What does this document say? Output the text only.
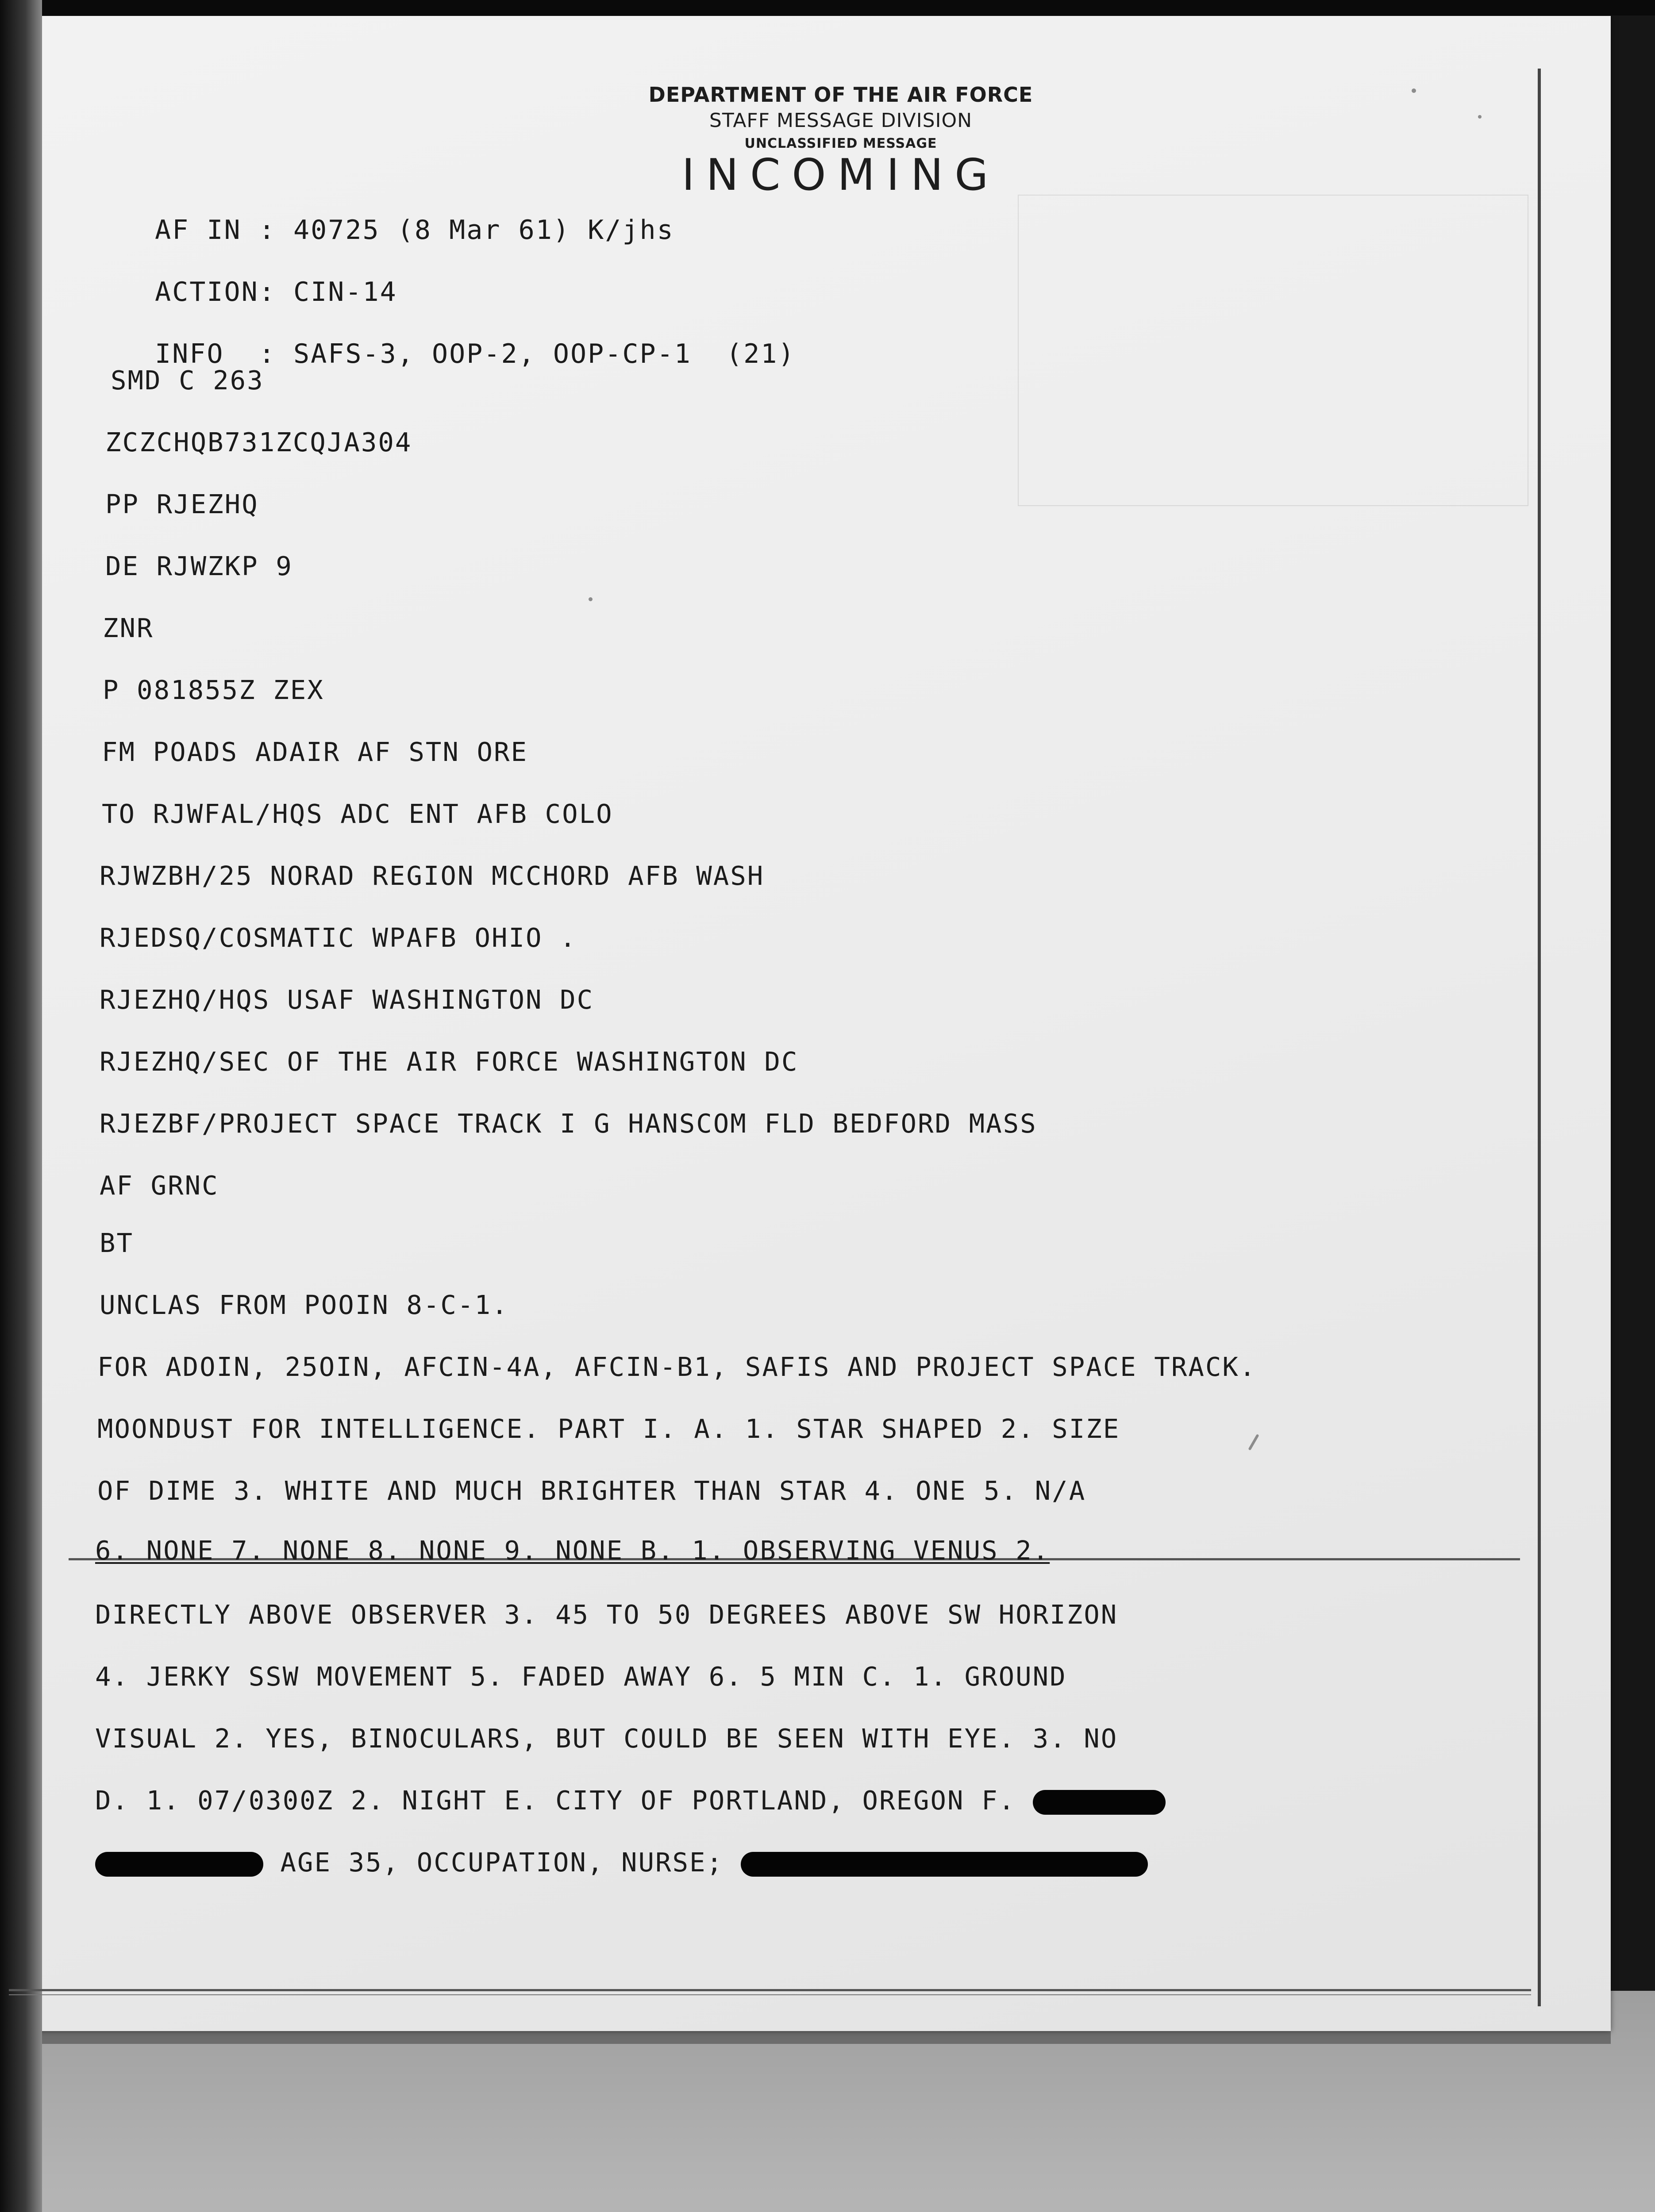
DEPARTMENT OF THE AIR FORCE
STAFF MESSAGE DIVISION
UNCLASSIFIED MESSAGE
INCOMING
AF IN : 40725 (8 Mar 61) K/jhs
ACTION: CIN-14
INFO  : SAFS-3, OOP-2, OOP-CP-1  (21)
SMD C 263
ZCZCHQB731ZCQJA304
PP RJEZHQ
DE RJWZKP 9
ZNR
P 081855Z ZEX
FM POADS ADAIR AF STN ORE
TO RJWFAL/HQS ADC ENT AFB COLO
RJWZBH/25 NORAD REGION MCCHORD AFB WASH
RJEDSQ/COSMATIC WPAFB OHIO .
RJEZHQ/HQS USAF WASHINGTON DC
RJEZHQ/SEC OF THE AIR FORCE WASHINGTON DC
RJEZBF/PROJECT SPACE TRACK I G HANSCOM FLD BEDFORD MASS
AF GRNC
BT
UNCLAS FROM POOIN 8-C-1.
FOR ADOIN, 25OIN, AFCIN-4A, AFCIN-B1, SAFIS AND PROJECT SPACE TRACK.
MOONDUST FOR INTELLIGENCE. PART I. A. 1. STAR SHAPED 2. SIZE
OF DIME 3. WHITE AND MUCH BRIGHTER THAN STAR 4. ONE 5. N/A
6. NONE 7. NONE 8. NONE 9. NONE B. 1. OBSERVING VENUS 2.
DIRECTLY ABOVE OBSERVER 3. 45 TO 50 DEGREES ABOVE SW HORIZON
4. JERKY SSW MOVEMENT 5. FADED AWAY 6. 5 MIN C. 1. GROUND
VISUAL 2. YES, BINOCULARS, BUT COULD BE SEEN WITH EYE. 3. NO
D. 1. 07/0300Z 2. NIGHT E. CITY OF PORTLAND, OREGON F.
AGE 35, OCCUPATION, NURSE;
